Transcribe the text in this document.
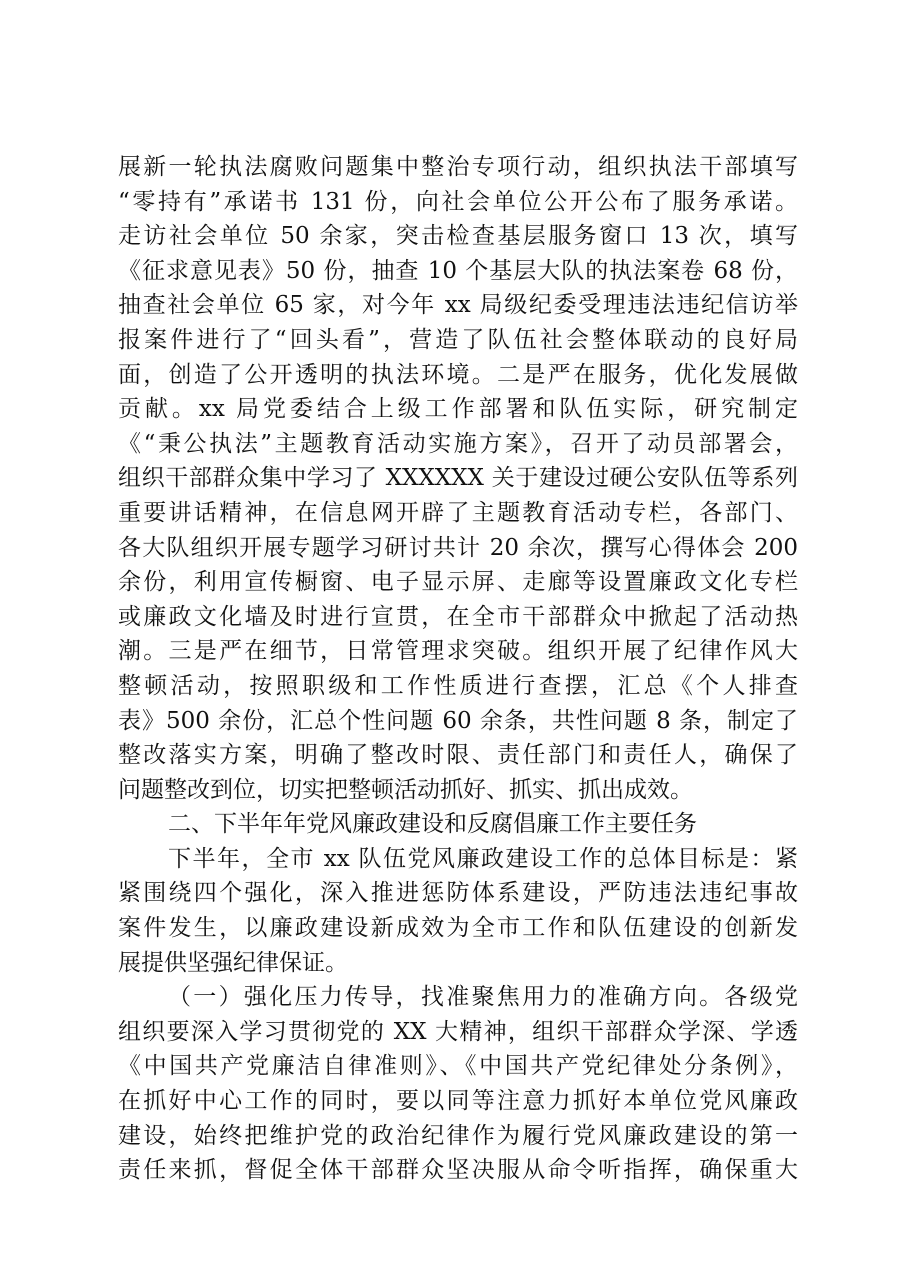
展新一轮执法腐败问题集中整治专项行动，组织执法干部填写
“零持有”承诺书 131 份，向社会单位公开公布了服务承诺。
走访社会单位 50 余家，突击检查基层服务窗口 13 次，填写
《征求意见表》50 份，抽查 10 个基层大队的执法案卷 68 份，
抽查社会单位 65 家，对今年 xx 局级纪委受理违法违纪信访举
报案件进行了“回头看”，营造了队伍社会整体联动的良好局
面，创造了公开透明的执法环境。二是严在服务，优化发展做
贡献。xx 局党委结合上级工作部署和队伍实际，研究制定
《“秉公执法”主题教育活动实施方案》，召开了动员部署会，
组织干部群众集中学习了 XXXXXX 关于建设过硬公安队伍等系列
重要讲话精神，在信息网开辟了主题教育活动专栏，各部门、
各大队组织开展专题学习研讨共计 20 余次，撰写心得体会 200
余份，利用宣传橱窗、电子显示屏、走廊等设置廉政文化专栏
或廉政文化墙及时进行宣贯，在全市干部群众中掀起了活动热
潮。三是严在细节，日常管理求突破。组织开展了纪律作风大
整顿活动，按照职级和工作性质进行查摆，汇总《个人排查
表》500 余份，汇总个性问题 60 余条，共性问题 8 条，制定了
整改落实方案，明确了整改时限、责任部门和责任人，确保了
问题整改到位，切实把整顿活动抓好、抓实、抓出成效。
二、下半年年党风廉政建设和反腐倡廉工作主要任务
下半年，全市 xx 队伍党风廉政建设工作的总体目标是：紧
紧围绕四个强化，深入推进惩防体系建设，严防违法违纪事故
案件发生，以廉政建设新成效为全市工作和队伍建设的创新发
展提供坚强纪律保证。
（一）强化压力传导，找准聚焦用力的准确方向。各级党
组织要深入学习贯彻党的 XX 大精神，组织干部群众学深、学透
《中国共产党廉洁自律准则》、《中国共产党纪律处分条例》，
在抓好中心工作的同时，要以同等注意力抓好本单位党风廉政
建设，始终把维护党的政治纪律作为履行党风廉政建设的第一
责任来抓，督促全体干部群众坚决服从命令听指挥，确保重大
